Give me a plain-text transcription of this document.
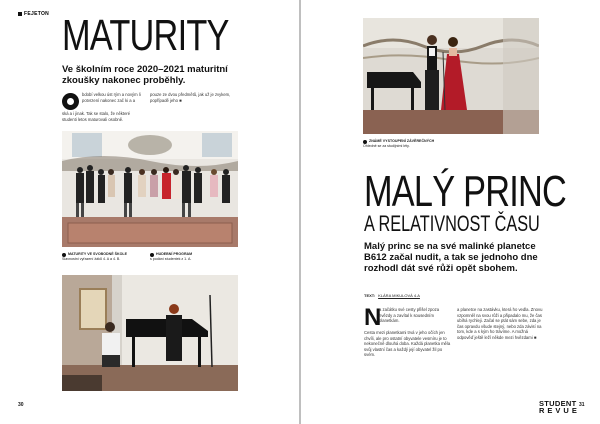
FEJETON MATURITY
Ve školním roce 2020–2021 maturitní zkoušky nakonec proběhly.
bdobí velkou úst rým a novým li potvrzení nakonec zač ki a a
ská a i jinak. Tak se stalo, že některé studenti letos maturovali osobně.
pouze ze dvou předmětů, jak už je zvykem, popřípadě jeho ■
MATURITY VE SVOBODNÉ ŠKOLE
Slavnostní vyřazení žáků 4. A a 4. B.
HUDEBNÍ PROGRAM
s podání studentek z 1. A.
30
ZNÁMÉ VYSTOUPENÍ ZÁVĚREČNÝCH
Ohledně se za studijními léty.
MALÝ PRINC
A RELATIVNOST ČASU
Malý princ se na své malinké planetce B612 začal nudit, a tak se jednoho dne rozhodl dát své růži opět sbohem.
TEXT: KLÁRA MIKULOVÁ 4.A
N
a začátku své cesty přišel zpoza hvězdy a zavítal k sousedním planetkám.
Cesta mezi planetkami trvá v jeho očích jen chvíli, ale pro ostatní obyvatele vesmíru je to nekonečně dlouhá doba. Každá planetka měla svůj vlastní čas a každý její obyvatel žil po svém.
a planetce na zastávku, která ho vedla. Znovu vzpomněl na svou růži a připadalo mu, že čas ubíhá rychleji. Začal se ptát sám sebe, zda je čas opravdu všude stejný, nebo zda závisí na tom, kde a s kým ho trávíme. A možná odpověď ještě leží někde mezi hvězdami ■
STUDENT
REVUE
31
